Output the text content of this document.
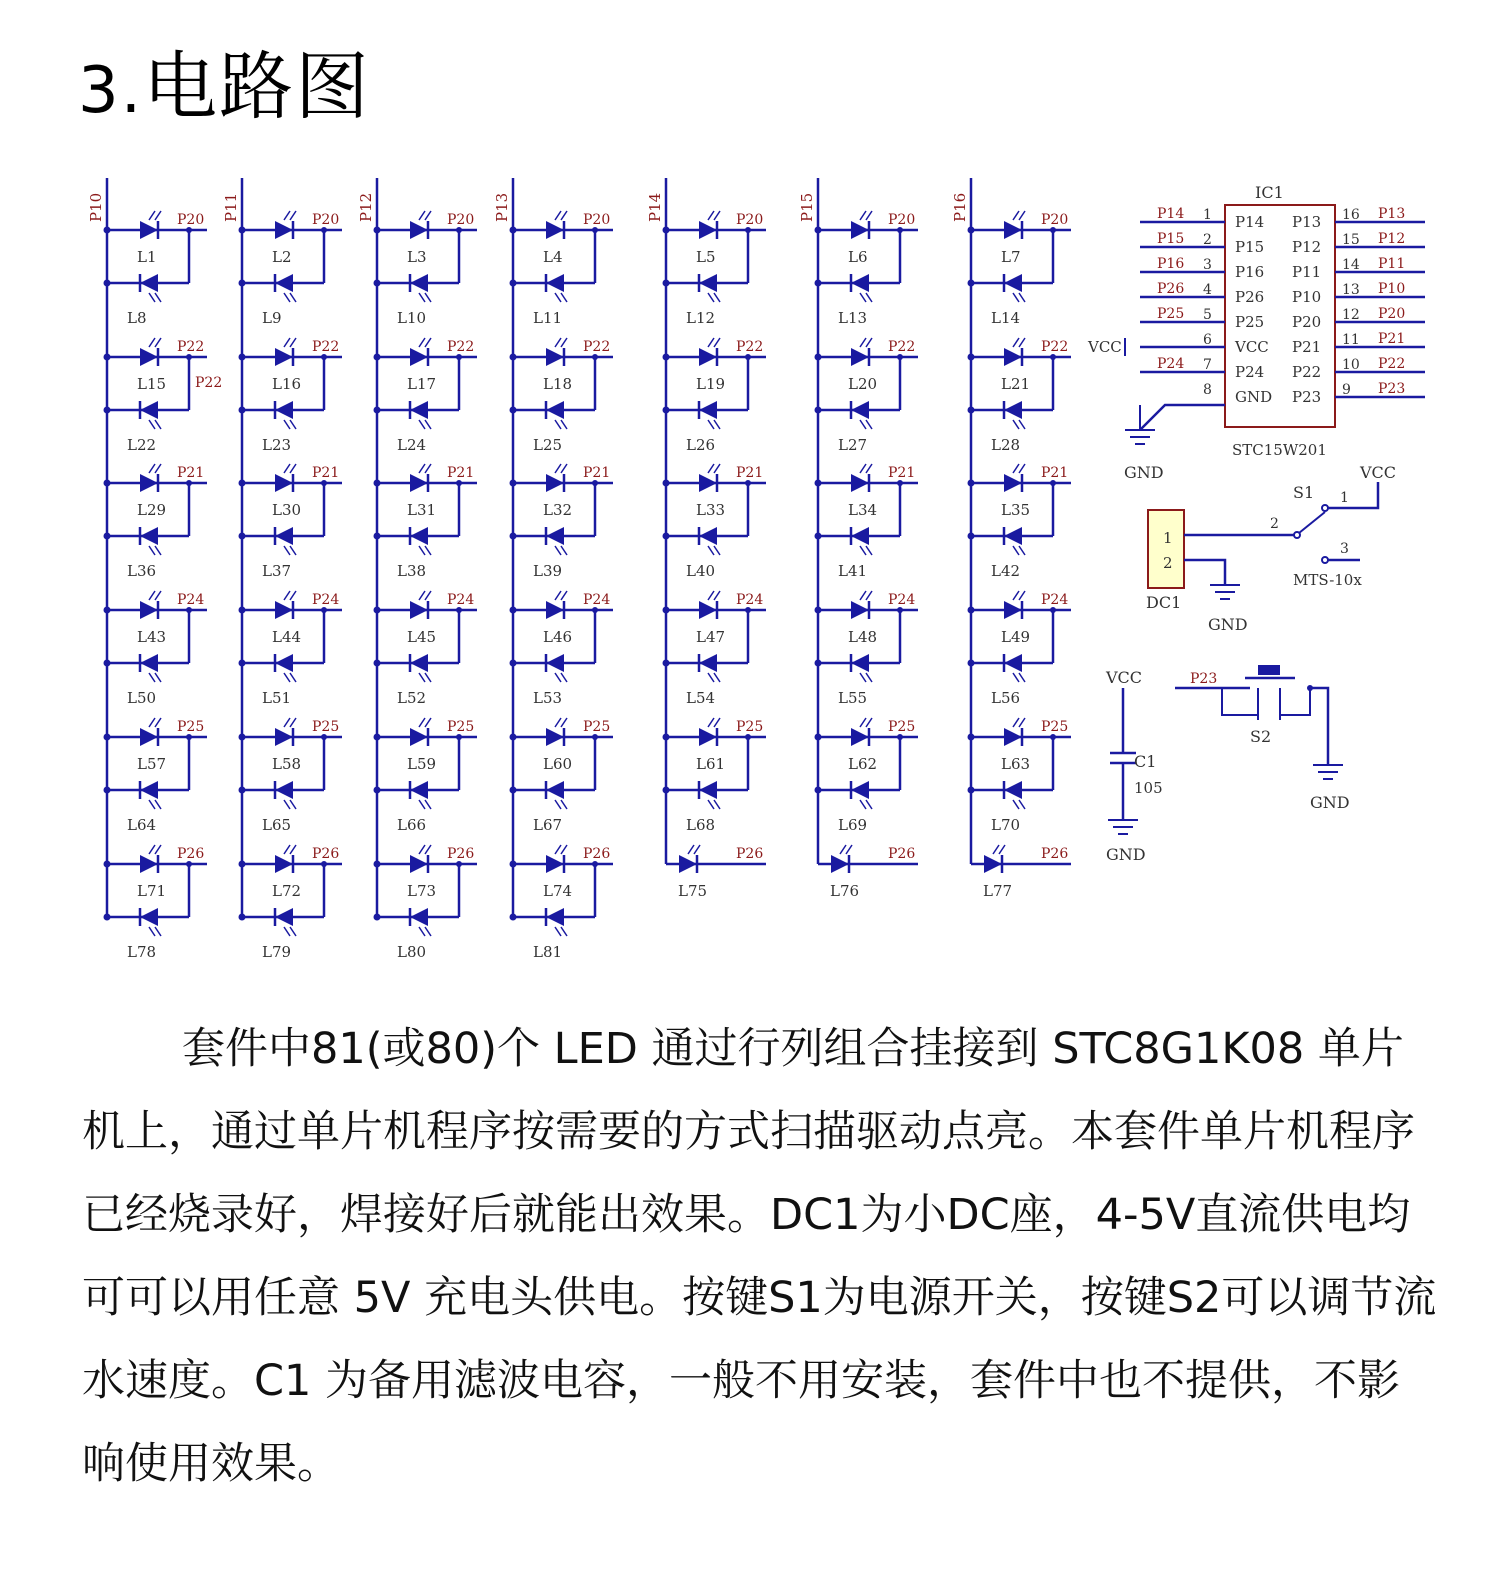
3.电路图
P10	P20
L1
L8
P22
L15
L22
P21
L29
L36
P24
L43
L50
P25
L57
L64
P26
L71
L78
P11	P20
L2
L9
P22
L16
L23
P21
L30
L37
P24
L44
L51
P25
L58
L65
P26
L72
L79
P12	P20
L3
L10
P22
L17
L24
P21
L31
L38
P24
L45
L52
P25
L59
L66
P26
L73
L80
P13	P20
L4
L11
P22
L18
L25
P21
L32
L39
P24
L46
L53
P25
L60
L67
P26
L74
L81
P14	P20
L5
L12
P22
L19
L26
P21
L33
L40
P24
L47
L54
P25
L61
L68
P26
L75
P15	P20
L6
L13
P22
L20
L27
P21
L34
L41
P24
L48
L55
P25
L62
L69
P26
L76
P16	P20
L7
L14
P22
L21
L28
P21
L35
L42
P24
L49
L56
P25
L63
L70
P26
L77
P22
IC1
1 P14
P14
2 P15
P15
3 P16
P16
4 P26
P26
5 P25
P25
6 VCC
VCC
7 P24
P24
8 GND
16
P13	P13
15
P12	P12
14
P11	P11
13
P10	P10
12
P20	P20
11
P21	P21
10
P22	P22
9
P23	P23
STC15W201
GND
1
2
DC1
GND
S1
2
1
3
VCC
MTS-10x
VCC
C1
105
GND
P23
S2
GND

套件中81(或80)个 LED 通过行列组合挂接到 STC8G1K08 单片机上，通过单片机程序按需要的方式扫描驱动点亮。本套件单片机程序已经烧录好，焊接好后就能出效果。DC1为小DC座，4-5V直流供电均可可以用任意 5V 充电头供电。按键S1为电源开关，按键S2可以调节流水速度。C1 为备用滤波电容，一般不用安装，套件中也不提供，不影响使用效果。
